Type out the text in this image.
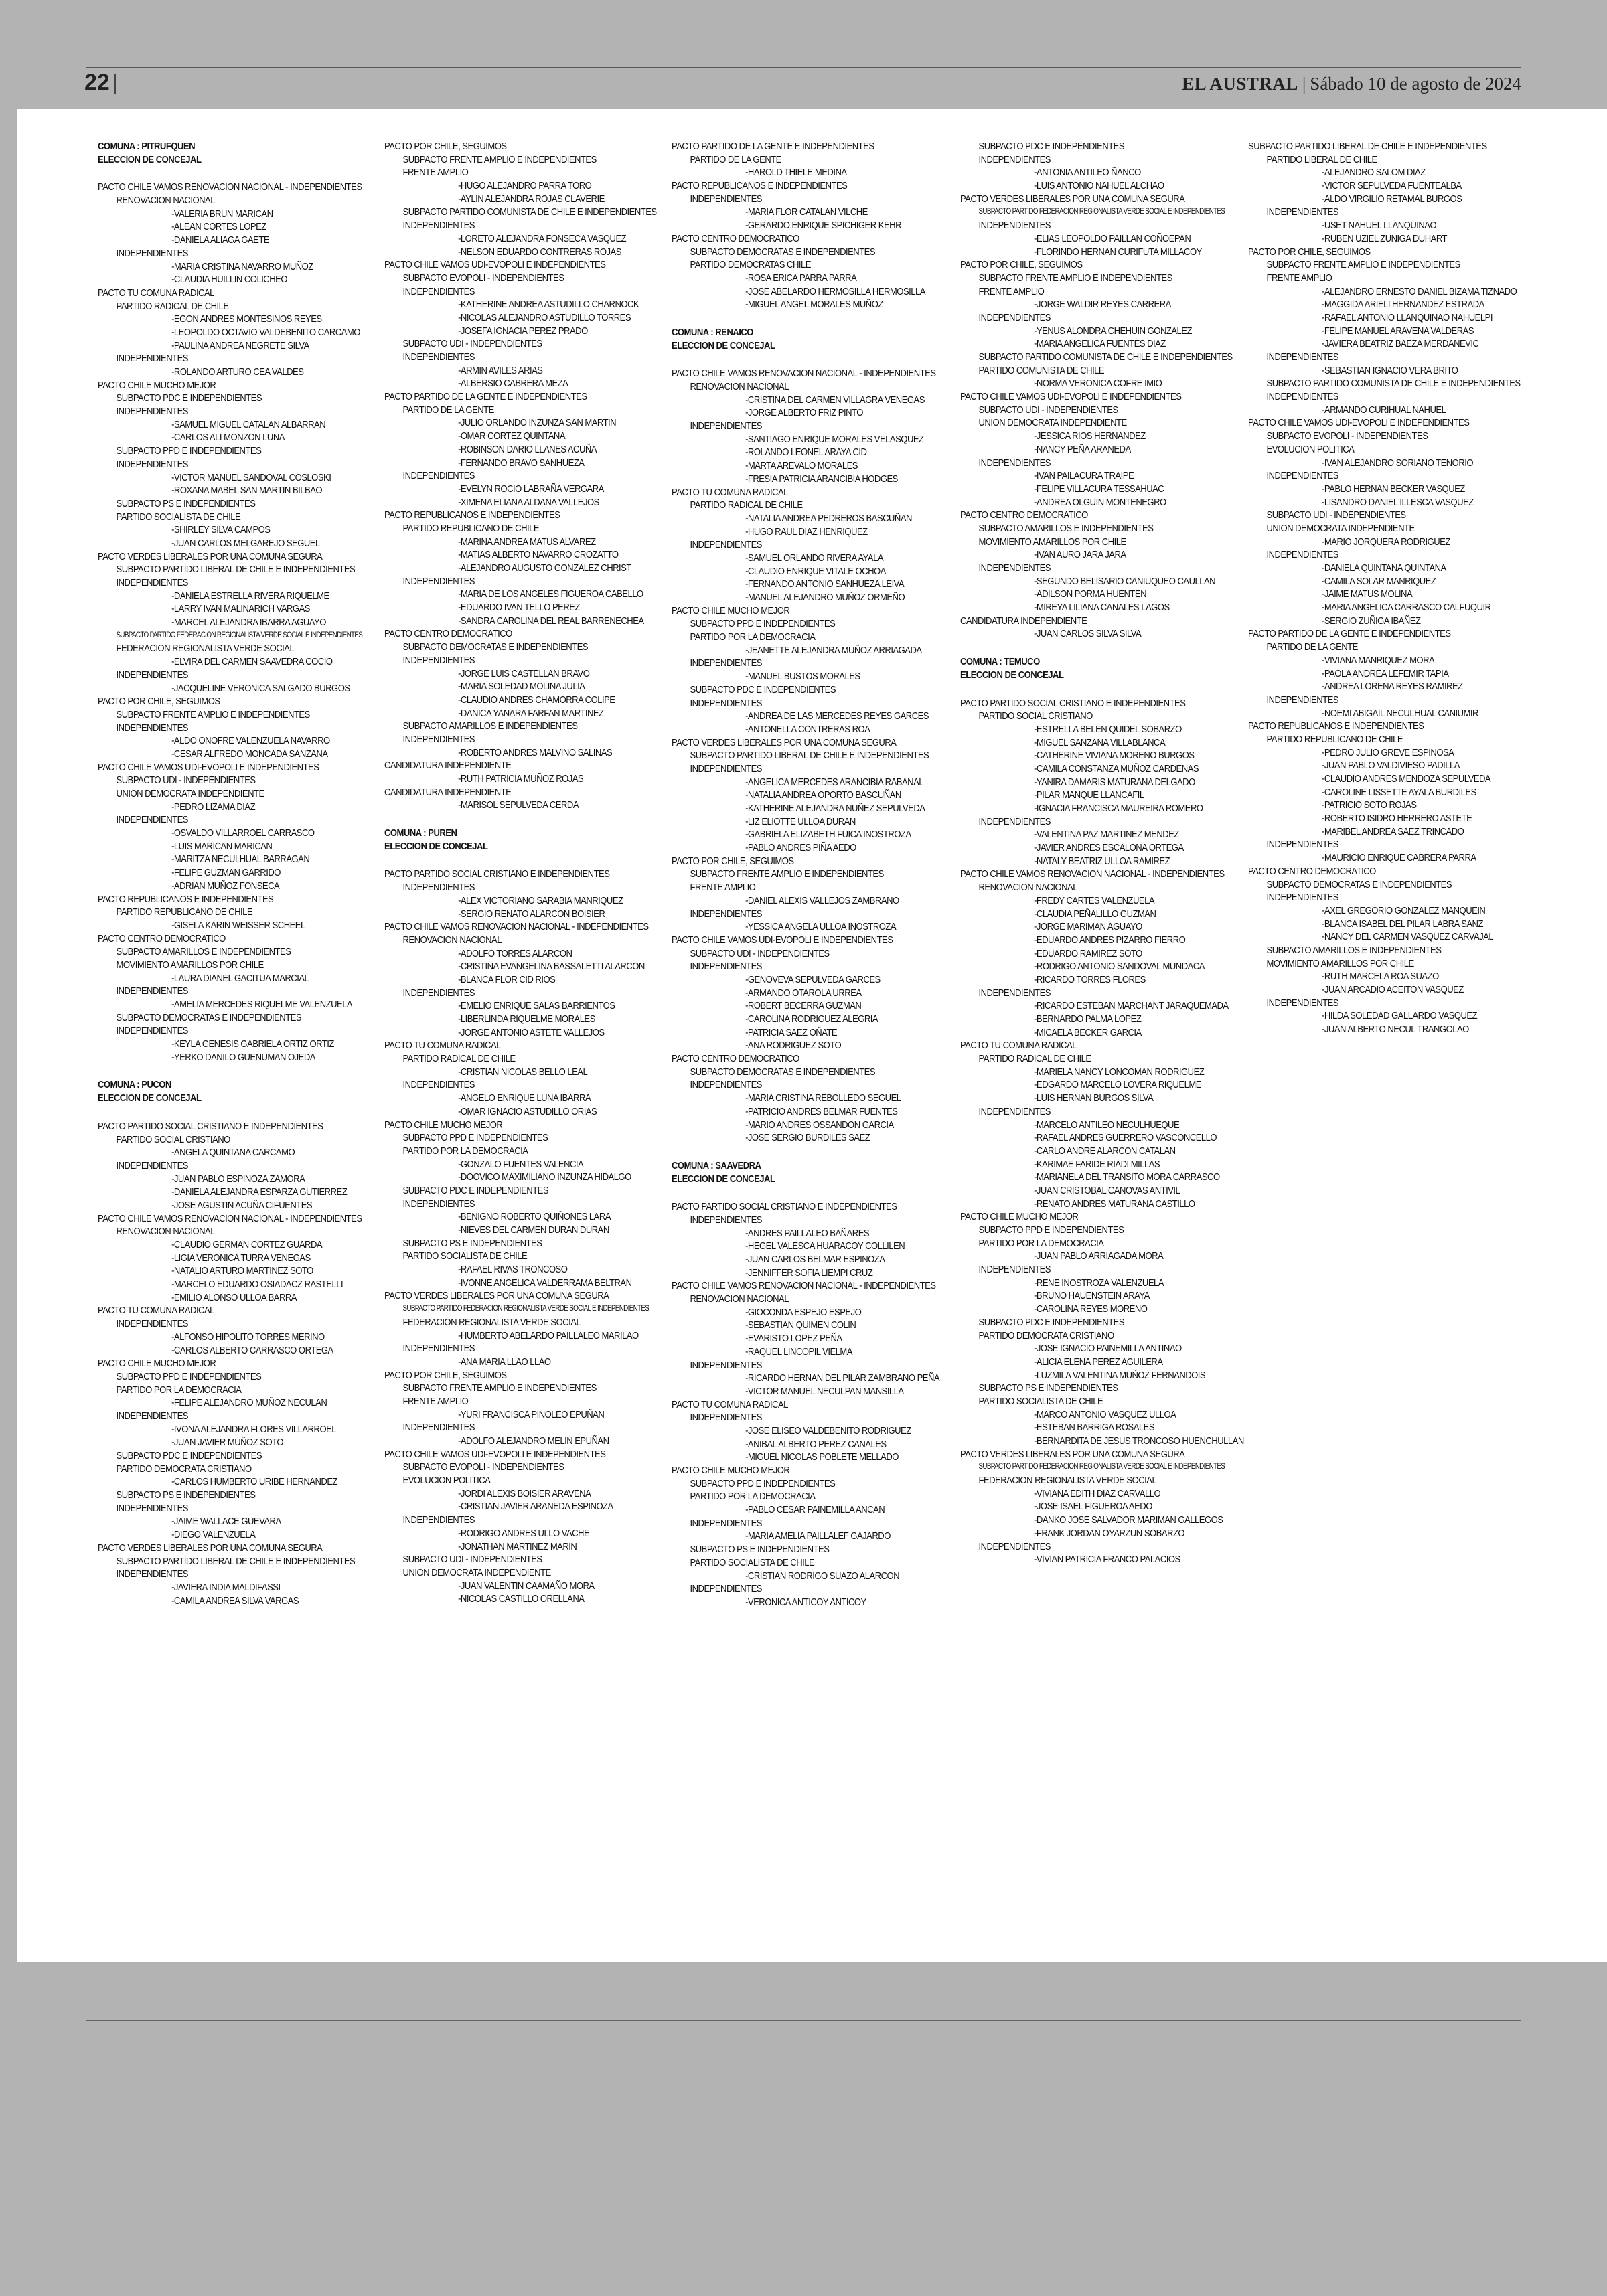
22	EL AUSTRAL | Sábado 10 de agosto de 2024
COMUNA : PITRUFQUEN
ELECCION DE CONCEJAL
PACTO CHILE VAMOS RENOVACION NACIONAL - INDEPENDIENTES
RENOVACION NACIONAL
-VALERIA BRUN MARICAN
-ALEAN CORTES LOPEZ
-DANIELA ALIAGA GAETE
INDEPENDIENTES
-MARIA CRISTINA NAVARRO MUÑOZ
-CLAUDIA HUILLIN COLICHEO
PACTO TU COMUNA RADICAL
PARTIDO RADICAL DE CHILE
-EGON ANDRES MONTESINOS REYES
-LEOPOLDO OCTAVIO VALDEBENITO CARCAMO
-PAULINA ANDREA NEGRETE SILVA
INDEPENDIENTES
-ROLANDO ARTURO CEA VALDES
PACTO CHILE MUCHO MEJOR
SUBPACTO PDC E INDEPENDIENTES
INDEPENDIENTES
-SAMUEL MIGUEL CATALAN ALBARRAN
-CARLOS ALI MONZON LUNA
SUBPACTO PPD E INDEPENDIENTES
INDEPENDIENTES
-VICTOR MANUEL SANDOVAL COSLOSKI
-ROXANA MABEL SAN MARTIN BILBAO
SUBPACTO PS E INDEPENDIENTES
PARTIDO SOCIALISTA DE CHILE
-SHIRLEY SILVA CAMPOS
-JUAN CARLOS MELGAREJO SEGUEL
PACTO VERDES LIBERALES POR UNA COMUNA SEGURA
SUBPACTO PARTIDO LIBERAL DE CHILE E INDEPENDIENTES
INDEPENDIENTES
-DANIELA ESTRELLA RIVERA RIQUELME
-LARRY IVAN MALINARICH VARGAS
-MARCEL ALEJANDRA IBARRA AGUAYO
SUBPACTO PARTIDO FEDERACION REGIONALISTA VERDE SOCIAL E INDEPENDIENTES
FEDERACION REGIONALISTA VERDE SOCIAL
-ELVIRA DEL CARMEN SAAVEDRA COCIO
INDEPENDIENTES
-JACQUELINE VERONICA SALGADO BURGOS
PACTO POR CHILE, SEGUIMOS
SUBPACTO FRENTE AMPLIO E INDEPENDIENTES
INDEPENDIENTES
-ALDO ONOFRE VALENZUELA NAVARRO
-CESAR ALFREDO MONCADA SANZANA
PACTO CHILE VAMOS UDI-EVOPOLI E INDEPENDIENTES
SUBPACTO UDI - INDEPENDIENTES
UNION DEMOCRATA INDEPENDIENTE
-PEDRO LIZAMA DIAZ
INDEPENDIENTES
-OSVALDO VILLARROEL CARRASCO
-LUIS MARICAN MARICAN
-MARITZA NECULHUAL BARRAGAN
-FELIPE GUZMAN GARRIDO
-ADRIAN MUÑOZ FONSECA
PACTO REPUBLICANOS E INDEPENDIENTES
PARTIDO REPUBLICANO DE CHILE
-GISELA KARIN WEISSER SCHEEL
PACTO CENTRO DEMOCRATICO
SUBPACTO AMARILLOS E INDEPENDIENTES
MOVIMIENTO AMARILLOS POR CHILE
-LAURA DIANEL GACITUA MARCIAL
INDEPENDIENTES
-AMELIA MERCEDES RIQUELME VALENZUELA
SUBPACTO DEMOCRATAS E INDEPENDIENTES
INDEPENDIENTES
-KEYLA GENESIS GABRIELA ORTIZ ORTIZ
-YERKO DANILO GUENUMAN OJEDA
COMUNA : PUCON
ELECCION DE CONCEJAL
PACTO PARTIDO SOCIAL CRISTIANO E INDEPENDIENTES
PARTIDO SOCIAL CRISTIANO
-ANGELA QUINTANA CARCAMO
INDEPENDIENTES
-JUAN PABLO ESPINOZA ZAMORA
-DANIELA ALEJANDRA ESPARZA GUTIERREZ
-JOSE AGUSTIN ACUÑA CIFUENTES
PACTO CHILE VAMOS RENOVACION NACIONAL - INDEPENDIENTES
RENOVACION NACIONAL
-CLAUDIO GERMAN CORTEZ GUARDA
-LIGIA VERONICA TURRA VENEGAS
-NATALIO ARTURO MARTINEZ SOTO
-MARCELO EDUARDO OSIADACZ RASTELLI
-EMILIO ALONSO ULLOA BARRA
PACTO TU COMUNA RADICAL
INDEPENDIENTES
-ALFONSO HIPOLITO TORRES MERINO
-CARLOS ALBERTO CARRASCO ORTEGA
PACTO CHILE MUCHO MEJOR
SUBPACTO PPD E INDEPENDIENTES
PARTIDO POR LA DEMOCRACIA
-FELIPE ALEJANDRO MUÑOZ NECULAN
INDEPENDIENTES
-IVONA ALEJANDRA FLORES VILLARROEL
-JUAN JAVIER MUÑOZ SOTO
SUBPACTO PDC E INDEPENDIENTES
PARTIDO DEMOCRATA CRISTIANO
-CARLOS HUMBERTO URIBE HERNANDEZ
SUBPACTO PS E INDEPENDIENTES
INDEPENDIENTES
-JAIME WALLACE GUEVARA
-DIEGO VALENZUELA
PACTO VERDES LIBERALES POR UNA COMUNA SEGURA
SUBPACTO PARTIDO LIBERAL DE CHILE E INDEPENDIENTES
INDEPENDIENTES
-JAVIERA INDIA MALDIFASSI
-CAMILA ANDREA SILVA VARGAS
PACTO POR CHILE, SEGUIMOS
SUBPACTO FRENTE AMPLIO E INDEPENDIENTES
FRENTE AMPLIO
-HUGO ALEJANDRO PARRA TORO
-AYLIN ALEJANDRA ROJAS CLAVERIE
SUBPACTO PARTIDO COMUNISTA DE CHILE E INDEPENDIENTES
INDEPENDIENTES
-LORETO ALEJANDRA FONSECA VASQUEZ
-NELSON EDUARDO CONTRERAS ROJAS
PACTO CHILE VAMOS UDI-EVOPOLI E INDEPENDIENTES
SUBPACTO EVOPOLI - INDEPENDIENTES
INDEPENDIENTES
-KATHERINE ANDREA ASTUDILLO CHARNOCK
-NICOLAS ALEJANDRO ASTUDILLO TORRES
-JOSEFA IGNACIA PEREZ PRADO
SUBPACTO UDI - INDEPENDIENTES
INDEPENDIENTES
-ARMIN AVILES ARIAS
-ALBERSIO CABRERA MEZA
PACTO PARTIDO DE LA GENTE E INDEPENDIENTES
PARTIDO DE LA GENTE
-JULIO ORLANDO INZUNZA SAN MARTIN
-OMAR CORTEZ QUINTANA
-ROBINSON DARIO LLANES ACUÑA
-FERNANDO BRAVO SANHUEZA
INDEPENDIENTES
-EVELYN ROCIO LABRAÑA VERGARA
-XIMENA ELIANA ALDANA VALLEJOS
PACTO REPUBLICANOS E INDEPENDIENTES
PARTIDO REPUBLICANO DE CHILE
-MARINA ANDREA MATUS ALVAREZ
-MATIAS ALBERTO NAVARRO CROZATTO
-ALEJANDRO AUGUSTO GONZALEZ CHRIST
INDEPENDIENTES
-MARIA DE LOS ANGELES FIGUEROA CABELLO
-EDUARDO IVAN TELLO PEREZ
-SANDRA CAROLINA DEL REAL BARRENECHEA
PACTO CENTRO DEMOCRATICO
SUBPACTO DEMOCRATAS E INDEPENDIENTES
INDEPENDIENTES
-JORGE LUIS CASTELLAN BRAVO
-MARIA SOLEDAD MOLINA JULIA
-CLAUDIO ANDRES CHAMORRA COLIPE
-DANICA YANARA FARFAN MARTINEZ
SUBPACTO AMARILLOS E INDEPENDIENTES
INDEPENDIENTES
-ROBERTO ANDRES MALVINO SALINAS
CANDIDATURA INDEPENDIENTE
-RUTH PATRICIA MUÑOZ ROJAS
CANDIDATURA INDEPENDIENTE
-MARISOL SEPULVEDA CERDA
COMUNA : PUREN
ELECCION DE CONCEJAL
PACTO PARTIDO SOCIAL CRISTIANO E INDEPENDIENTES
INDEPENDIENTES
-ALEX VICTORIANO SARABIA MANRIQUEZ
-SERGIO RENATO ALARCON BOISIER
PACTO CHILE VAMOS RENOVACION NACIONAL - INDEPENDIENTES
RENOVACION NACIONAL
-ADOLFO TORRES ALARCON
-CRISTINA EVANGELINA BASSALETTI ALARCON
-BLANCA FLOR CID RIOS
INDEPENDIENTES
-EMELIO ENRIQUE SALAS BARRIENTOS
-LIBERLINDA RIQUELME MORALES
-JORGE ANTONIO ASTETE VALLEJOS
PACTO TU COMUNA RADICAL
PARTIDO RADICAL DE CHILE
-CRISTIAN NICOLAS BELLO LEAL
INDEPENDIENTES
-ANGELO ENRIQUE LUNA IBARRA
-OMAR IGNACIO ASTUDILLO ORIAS
PACTO CHILE MUCHO MEJOR
SUBPACTO PPD E INDEPENDIENTES
PARTIDO POR LA DEMOCRACIA
-GONZALO FUENTES VALENCIA
-DOOVICO MAXIMILIANO INZUNZA HIDALGO
SUBPACTO PDC E INDEPENDIENTES
INDEPENDIENTES
-BENIGNO ROBERTO QUIÑONES LARA
-NIEVES DEL CARMEN DURAN DURAN
SUBPACTO PS E INDEPENDIENTES
PARTIDO SOCIALISTA DE CHILE
-RAFAEL RIVAS TRONCOSO
-IVONNE ANGELICA VALDERRAMA BELTRAN
PACTO VERDES LIBERALES POR UNA COMUNA SEGURA
SUBPACTO PARTIDO FEDERACION REGIONALISTA VERDE SOCIAL E INDEPENDIENTES
FEDERACION REGIONALISTA VERDE SOCIAL
-HUMBERTO ABELARDO PAILLALEO MARILAO
INDEPENDIENTES
-ANA MARIA LLAO LLAO
PACTO POR CHILE, SEGUIMOS
SUBPACTO FRENTE AMPLIO E INDEPENDIENTES
FRENTE AMPLIO
-YURI FRANCISCA PINOLEO EPUÑAN
INDEPENDIENTES
-ADOLFO ALEJANDRO MELIN EPUÑAN
PACTO CHILE VAMOS UDI-EVOPOLI E INDEPENDIENTES
SUBPACTO EVOPOLI - INDEPENDIENTES
EVOLUCION POLITICA
-JORDI ALEXIS BOISIER ARAVENA
-CRISTIAN JAVIER ARANEDA ESPINOZA
INDEPENDIENTES
-RODRIGO ANDRES ULLO VACHE
-JONATHAN MARTINEZ MARIN
SUBPACTO UDI - INDEPENDIENTES
UNION DEMOCRATA INDEPENDIENTE
-JUAN VALENTIN CAAMAÑO MORA
-NICOLAS CASTILLO ORELLANA
PACTO PARTIDO DE LA GENTE E INDEPENDIENTES
PARTIDO DE LA GENTE
-HAROLD THIELE MEDINA
PACTO REPUBLICANOS E INDEPENDIENTES
INDEPENDIENTES
-MARIA FLOR CATALAN VILCHE
-GERARDO ENRIQUE SPICHIGER KEHR
PACTO CENTRO DEMOCRATICO
SUBPACTO DEMOCRATAS E INDEPENDIENTES
PARTIDO DEMOCRATAS CHILE
-ROSA ERICA PARRA PARRA
-JOSE ABELARDO HERMOSILLA HERMOSILLA
-MIGUEL ANGEL MORALES MUÑOZ
COMUNA : RENAICO
ELECCION DE CONCEJAL
PACTO CHILE VAMOS RENOVACION NACIONAL - INDEPENDIENTES
RENOVACION NACIONAL
-CRISTINA DEL CARMEN VILLAGRA VENEGAS
-JORGE ALBERTO FRIZ PINTO
INDEPENDIENTES
-SANTIAGO ENRIQUE MORALES VELASQUEZ
-ROLANDO LEONEL ARAYA CID
-MARTA AREVALO MORALES
-FRESIA PATRICIA ARANCIBIA HODGES
PACTO TU COMUNA RADICAL
PARTIDO RADICAL DE CHILE
-NATALIA ANDREA PEDREROS BASCUÑAN
-HUGO RAUL DIAZ HENRIQUEZ
INDEPENDIENTES
-SAMUEL ORLANDO RIVERA AYALA
-CLAUDIO ENRIQUE VITALE OCHOA
-FERNANDO ANTONIO SANHUEZA LEIVA
-MANUEL ALEJANDRO MUÑOZ ORMEÑO
PACTO CHILE MUCHO MEJOR
SUBPACTO PPD E INDEPENDIENTES
PARTIDO POR LA DEMOCRACIA
-JEANETTE ALEJANDRA MUÑOZ ARRIAGADA
INDEPENDIENTES
-MANUEL BUSTOS MORALES
SUBPACTO PDC E INDEPENDIENTES
INDEPENDIENTES
-ANDREA DE LAS MERCEDES REYES GARCES
-ANTONELLA CONTRERAS ROA
PACTO VERDES LIBERALES POR UNA COMUNA SEGURA
SUBPACTO PARTIDO LIBERAL DE CHILE E INDEPENDIENTES
INDEPENDIENTES
-ANGELICA MERCEDES ARANCIBIA RABANAL
-NATALIA ANDREA OPORTO BASCUÑAN
-KATHERINE ALEJANDRA NUÑEZ SEPULVEDA
-LIZ ELIOTTE ULLOA DURAN
-GABRIELA ELIZABETH FUICA INOSTROZA
-PABLO ANDRES PIÑA AEDO
PACTO POR CHILE, SEGUIMOS
SUBPACTO FRENTE AMPLIO E INDEPENDIENTES
FRENTE AMPLIO
-DANIEL ALEXIS VALLEJOS ZAMBRANO
INDEPENDIENTES
-YESSICA ANGELA ULLOA INOSTROZA
PACTO CHILE VAMOS UDI-EVOPOLI E INDEPENDIENTES
SUBPACTO UDI - INDEPENDIENTES
INDEPENDIENTES
-GENOVEVA SEPULVEDA GARCES
-ARMANDO OTAROLA URREA
-ROBERT BECERRA GUZMAN
-CAROLINA RODRIGUEZ ALEGRIA
-PATRICIA SAEZ OÑATE
-ANA RODRIGUEZ SOTO
PACTO CENTRO DEMOCRATICO
SUBPACTO DEMOCRATAS E INDEPENDIENTES
INDEPENDIENTES
-MARIA CRISTINA REBOLLEDO SEGUEL
-PATRICIO ANDRES BELMAR FUENTES
-MARIO ANDRES OSSANDON GARCIA
-JOSE SERGIO BURDILES SAEZ
COMUNA : SAAVEDRA
ELECCION DE CONCEJAL
PACTO PARTIDO SOCIAL CRISTIANO E INDEPENDIENTES
INDEPENDIENTES
-ANDRES PAILLALEO BAÑARES
-HEGEL VALESCA HUARACOY COLLILEN
-JUAN CARLOS BELMAR ESPINOZA
-JENNIFFER SOFIA LIEMPI CRUZ
PACTO CHILE VAMOS RENOVACION NACIONAL - INDEPENDIENTES
RENOVACION NACIONAL
-GIOCONDA ESPEJO ESPEJO
-SEBASTIAN QUIMEN COLIN
-EVARISTO LOPEZ PEÑA
-RAQUEL LINCOPIL VIELMA
INDEPENDIENTES
-RICARDO HERNAN DEL PILAR ZAMBRANO PEÑA
-VICTOR MANUEL NECULPAN MANSILLA
PACTO TU COMUNA RADICAL
INDEPENDIENTES
-JOSE ELISEO VALDEBENITO RODRIGUEZ
-ANIBAL ALBERTO PEREZ CANALES
-MIGUEL NICOLAS POBLETE MELLADO
PACTO CHILE MUCHO MEJOR
SUBPACTO PPD E INDEPENDIENTES
PARTIDO POR LA DEMOCRACIA
-PABLO CESAR PAINEMILLA ANCAN
INDEPENDIENTES
-MARIA AMELIA PAILLALEF GAJARDO
SUBPACTO PS E INDEPENDIENTES
PARTIDO SOCIALISTA DE CHILE
-CRISTIAN RODRIGO SUAZO ALARCON
INDEPENDIENTES
-VERONICA ANTICOY ANTICOY
SUBPACTO PDC E INDEPENDIENTES
INDEPENDIENTES
-ANTONIA ANTILEO ÑANCO
-LUIS ANTONIO NAHUEL ALCHAO
PACTO VERDES LIBERALES POR UNA COMUNA SEGURA
SUBPACTO PARTIDO FEDERACION REGIONALISTA VERDE SOCIAL E INDEPENDIENTES
INDEPENDIENTES
-ELIAS LEOPOLDO PAILLAN COÑOEPAN
-FLORINDO HERNAN CURIFUTA MILLACOY
PACTO POR CHILE, SEGUIMOS
SUBPACTO FRENTE AMPLIO E INDEPENDIENTES
FRENTE AMPLIO
-JORGE WALDIR REYES CARRERA
INDEPENDIENTES
-YENUS ALONDRA CHEHUIN GONZALEZ
-MARIA ANGELICA FUENTES DIAZ
SUBPACTO PARTIDO COMUNISTA DE CHILE E INDEPENDIENTES
PARTIDO COMUNISTA DE CHILE
-NORMA VERONICA COFRE IMIO
PACTO CHILE VAMOS UDI-EVOPOLI E INDEPENDIENTES
SUBPACTO UDI - INDEPENDIENTES
UNION DEMOCRATA INDEPENDIENTE
-JESSICA RIOS HERNANDEZ
-NANCY PEÑA ARANEDA
INDEPENDIENTES
-IVAN PAILACURA TRAIPE
-FELIPE VILLACURA TESSAHUAC
-ANDREA OLGUIN MONTENEGRO
PACTO CENTRO DEMOCRATICO
SUBPACTO AMARILLOS E INDEPENDIENTES
MOVIMIENTO AMARILLOS POR CHILE
-IVAN AURO JARA JARA
INDEPENDIENTES
-SEGUNDO BELISARIO CANIUQUEO CAULLAN
-ADILSON PORMA HUENTEN
-MIREYA LILIANA CANALES LAGOS
CANDIDATURA INDEPENDIENTE
-JUAN CARLOS SILVA SILVA
COMUNA : TEMUCO
ELECCION DE CONCEJAL
PACTO PARTIDO SOCIAL CRISTIANO E INDEPENDIENTES
PARTIDO SOCIAL CRISTIANO
-ESTRELLA BELEN QUIDEL SOBARZO
-MIGUEL SANZANA VILLABLANCA
-CATHERINE VIVIANA MORENO BURGOS
-CAMILA CONSTANZA MUÑOZ CARDENAS
-YANIRA DAMARIS MATURANA DELGADO
-PILAR MANQUE LLANCAFIL
-IGNACIA FRANCISCA MAUREIRA ROMERO
INDEPENDIENTES
-VALENTINA PAZ MARTINEZ MENDEZ
-JAVIER ANDRES ESCALONA ORTEGA
-NATALY BEATRIZ ULLOA RAMIREZ
PACTO CHILE VAMOS RENOVACION NACIONAL - INDEPENDIENTES
RENOVACION NACIONAL
-FREDY CARTES VALENZUELA
-CLAUDIA PEÑALILLO GUZMAN
-JORGE MARIMAN AGUAYO
-EDUARDO ANDRES PIZARRO FIERRO
-EDUARDO RAMIREZ SOTO
-RODRIGO ANTONIO SANDOVAL MUNDACA
-RICARDO TORRES FLORES
INDEPENDIENTES
-RICARDO ESTEBAN MARCHANT JARAQUEMADA
-BERNARDO PALMA LOPEZ
-MICAELA BECKER GARCIA
PACTO TU COMUNA RADICAL
PARTIDO RADICAL DE CHILE
-MARIELA NANCY LONCOMAN RODRIGUEZ
-EDGARDO MARCELO LOVERA RIQUELME
-LUIS HERNAN BURGOS SILVA
INDEPENDIENTES
-MARCELO ANTILEO NECULHUEQUE
-RAFAEL ANDRES GUERRERO VASCONCELLO
-CARLO ANDRE ALARCON CATALAN
-KARIMAE FARIDE RIADI MILLAS
-MARIANELA DEL TRANSITO MORA CARRASCO
-JUAN CRISTOBAL CANOVAS ANTIVIL
-RENATO ANDRES MATURANA CASTILLO
PACTO CHILE MUCHO MEJOR
SUBPACTO PPD E INDEPENDIENTES
PARTIDO POR LA DEMOCRACIA
-JUAN PABLO ARRIAGADA MORA
INDEPENDIENTES
-RENE INOSTROZA VALENZUELA
-BRUNO HAUENSTEIN ARAYA
-CAROLINA REYES MORENO
SUBPACTO PDC E INDEPENDIENTES
PARTIDO DEMOCRATA CRISTIANO
-JOSE IGNACIO PAINEMILLA ANTINAO
-ALICIA ELENA PEREZ AGUILERA
-LUZMILA VALENTINA MUÑOZ FERNANDOIS
SUBPACTO PS E INDEPENDIENTES
PARTIDO SOCIALISTA DE CHILE
-MARCO ANTONIO VASQUEZ ULLOA
-ESTEBAN BARRIGA ROSALES
-BERNARDITA DE JESUS TRONCOSO HUENCHULLAN
PACTO VERDES LIBERALES POR UNA COMUNA SEGURA
SUBPACTO PARTIDO FEDERACION REGIONALISTA VERDE SOCIAL E INDEPENDIENTES
FEDERACION REGIONALISTA VERDE SOCIAL
-VIVIANA EDITH DIAZ CARVALLO
-JOSE ISAEL FIGUEROA AEDO
-DANKO JOSE SALVADOR MARIMAN GALLEGOS
-FRANK JORDAN OYARZUN SOBARZO
INDEPENDIENTES
-VIVIAN PATRICIA FRANCO PALACIOS
SUBPACTO PARTIDO LIBERAL DE CHILE E INDEPENDIENTES
PARTIDO LIBERAL DE CHILE
-ALEJANDRO SALOM DIAZ
-VICTOR SEPULVEDA FUENTEALBA
-ALDO VIRGILIO RETAMAL BURGOS
INDEPENDIENTES
-USET NAHUEL LLANQUINAO
-RUBEN UZIEL ZUNIGA DUHART
PACTO POR CHILE, SEGUIMOS
SUBPACTO FRENTE AMPLIO E INDEPENDIENTES
FRENTE AMPLIO
-ALEJANDRO ERNESTO DANIEL BIZAMA TIZNADO
-MAGGIDA ARIELI HERNANDEZ ESTRADA
-RAFAEL ANTONIO LLANQUINAO NAHUELPI
-FELIPE MANUEL ARAVENA VALDERAS
-JAVIERA BEATRIZ BAEZA MERDANEVIC
INDEPENDIENTES
-SEBASTIAN IGNACIO VERA BRITO
SUBPACTO PARTIDO COMUNISTA DE CHILE E INDEPENDIENTES
INDEPENDIENTES
-ARMANDO CURIHUAL NAHUEL
PACTO CHILE VAMOS UDI-EVOPOLI E INDEPENDIENTES
SUBPACTO EVOPOLI - INDEPENDIENTES
EVOLUCION POLITICA
-IVAN ALEJANDRO SORIANO TENORIO
INDEPENDIENTES
-PABLO HERNAN BECKER VASQUEZ
-LISANDRO DANIEL ILLESCA VASQUEZ
SUBPACTO UDI - INDEPENDIENTES
UNION DEMOCRATA INDEPENDIENTE
-MARIO JORQUERA RODRIGUEZ
INDEPENDIENTES
-DANIELA QUINTANA QUINTANA
-CAMILA SOLAR MANRIQUEZ
-JAIME MATUS MOLINA
-MARIA ANGELICA CARRASCO CALFUQUIR
-SERGIO ZUÑIGA IBAÑEZ
PACTO PARTIDO DE LA GENTE E INDEPENDIENTES
PARTIDO DE LA GENTE
-VIVIANA MANRIQUEZ MORA
-PAOLA ANDREA LEFEMIR TAPIA
-ANDREA LORENA REYES RAMIREZ
INDEPENDIENTES
-NOEMI ABIGAIL NECULHUAL CANIUMIR
PACTO REPUBLICANOS E INDEPENDIENTES
PARTIDO REPUBLICANO DE CHILE
-PEDRO JULIO GREVE ESPINOSA
-JUAN PABLO VALDIVIESO PADILLA
-CLAUDIO ANDRES MENDOZA SEPULVEDA
-CAROLINE LISSETTE AYALA BURDILES
-PATRICIO SOTO ROJAS
-ROBERTO ISIDRO HERRERO ASTETE
-MARIBEL ANDREA SAEZ TRINCADO
INDEPENDIENTES
-MAURICIO ENRIQUE CABRERA PARRA
PACTO CENTRO DEMOCRATICO
SUBPACTO DEMOCRATAS E INDEPENDIENTES
INDEPENDIENTES
-AXEL GREGORIO GONZALEZ MANQUEIN
-BLANCA ISABEL DEL PILAR LABRA SANZ
-NANCY DEL CARMEN VASQUEZ CARVAJAL
SUBPACTO AMARILLOS E INDEPENDIENTES
MOVIMIENTO AMARILLOS POR CHILE
-RUTH MARCELA ROA SUAZO
-JUAN ARCADIO ACEITON VASQUEZ
INDEPENDIENTES
-HILDA SOLEDAD GALLARDO VASQUEZ
-JUAN ALBERTO NECUL TRANGOLAO
